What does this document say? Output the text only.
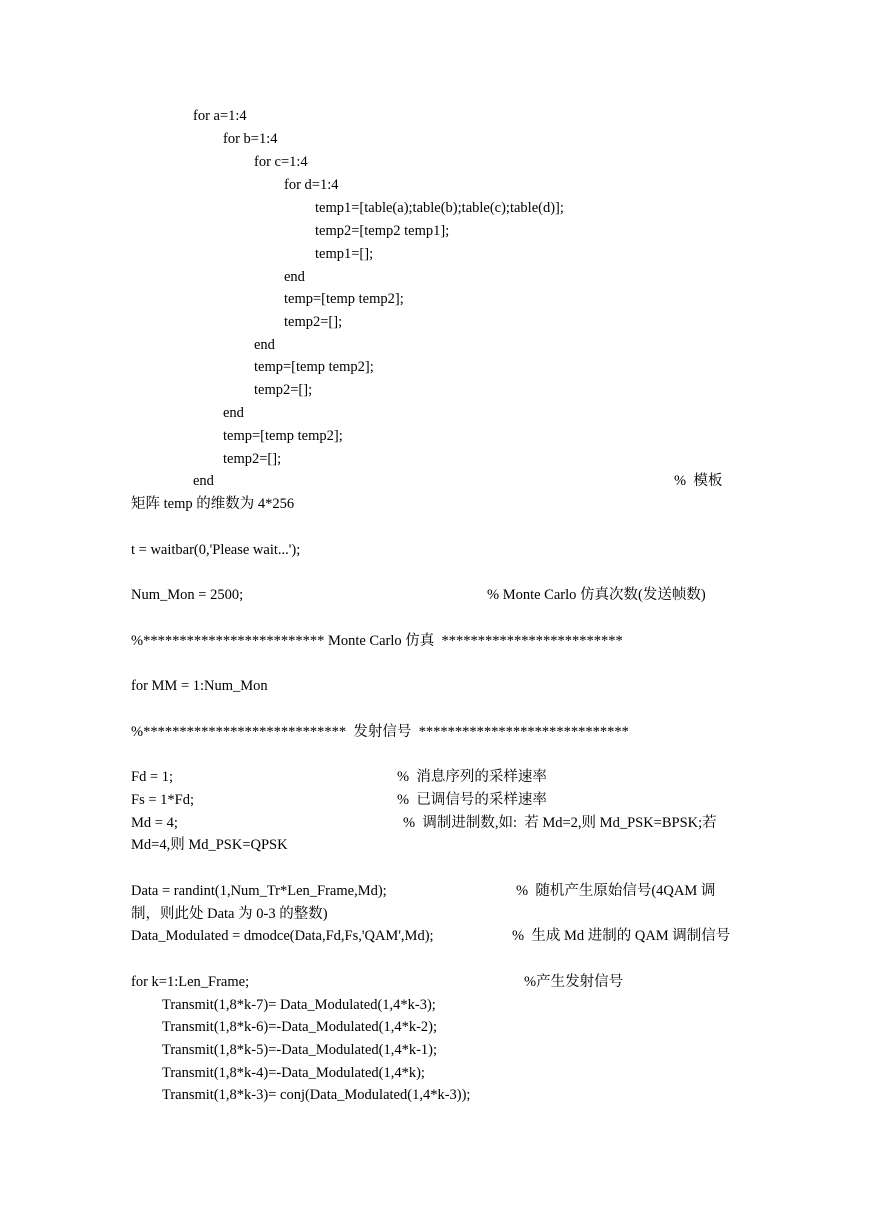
for a=1:4
for b=1:4
for c=1:4
for d=1:4
temp1=[table(a);table(b);table(c);table(d)];
temp2=[temp2 temp1];
temp1=[];
end
temp=[temp temp2];
temp2=[];
end
temp=[temp temp2];
temp2=[];
end
temp=[temp temp2];
temp2=[];
end	%  模板
矩阵 temp 的维数为 4*256
t = waitbar(0,'Please wait...');
Num_Mon = 2500;	% Monte Carlo 仿真次数(发送帧数)
%************************* Monte Carlo 仿真  *************************
for MM = 1:Num_Mon
%****************************  发射信号  *****************************
Fd = 1;	%  消息序列的采样速率
Fs = 1*Fd;	%  已调信号的采样速率
Md = 4;	%  调制进制数,如:  若 Md=2,则 Md_PSK=BPSK;若
Md=4,则 Md_PSK=QPSK
Data = randint(1,Num_Tr*Len_Frame,Md);	%  随机产生原始信号(4QAM 调
制，则此处 Data 为 0-3 的整数)
Data_Modulated = dmodce(Data,Fd,Fs,'QAM',Md);	%  生成 Md 进制的 QAM 调制信号
for k=1:Len_Frame;	%产生发射信号
Transmit(1,8*k-7)= Data_Modulated(1,4*k-3);
Transmit(1,8*k-6)=-Data_Modulated(1,4*k-2);
Transmit(1,8*k-5)=-Data_Modulated(1,4*k-1);
Transmit(1,8*k-4)=-Data_Modulated(1,4*k);
Transmit(1,8*k-3)= conj(Data_Modulated(1,4*k-3));
